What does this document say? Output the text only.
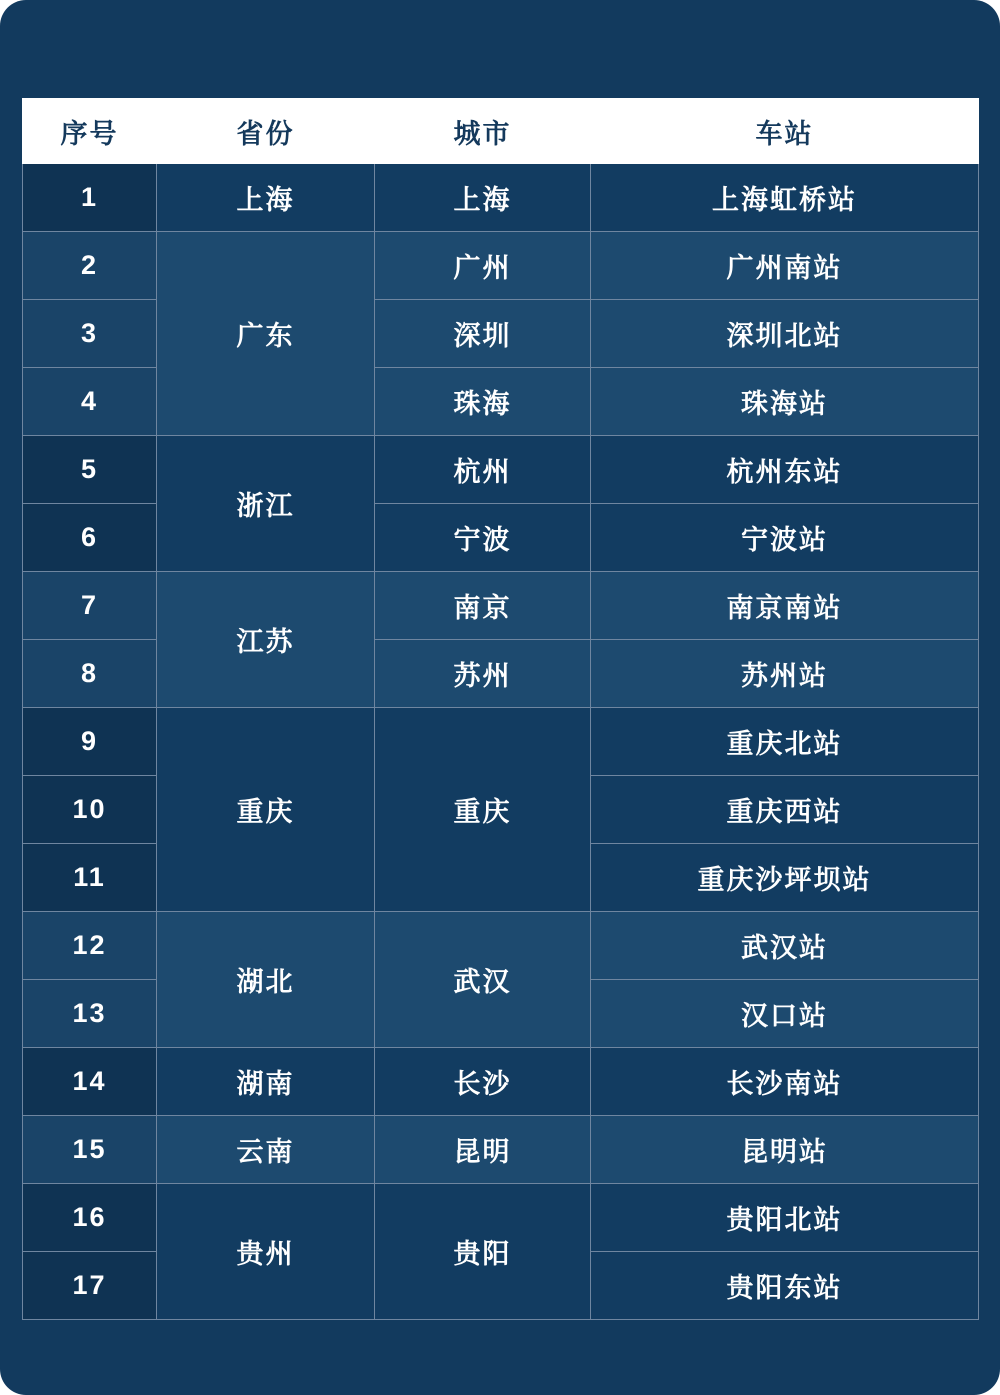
序号	省份	城市	车站
1	上海	上海	上海虹桥站
2	广东	广州	广州南站
3		深圳	深圳北站
4		珠海	珠海站
5	浙江	杭州	杭州东站
6		宁波	宁波站
7	江苏	南京	南京南站
8		苏州	苏州站
9	重庆	重庆	重庆北站
10			重庆西站
11			重庆沙坪坝站
12	湖北	武汉	武汉站
13			汉口站
14	湖南	长沙	长沙南站
15	云南	昆明	昆明站
16	贵州	贵阳	贵阳北站
17			贵阳东站
